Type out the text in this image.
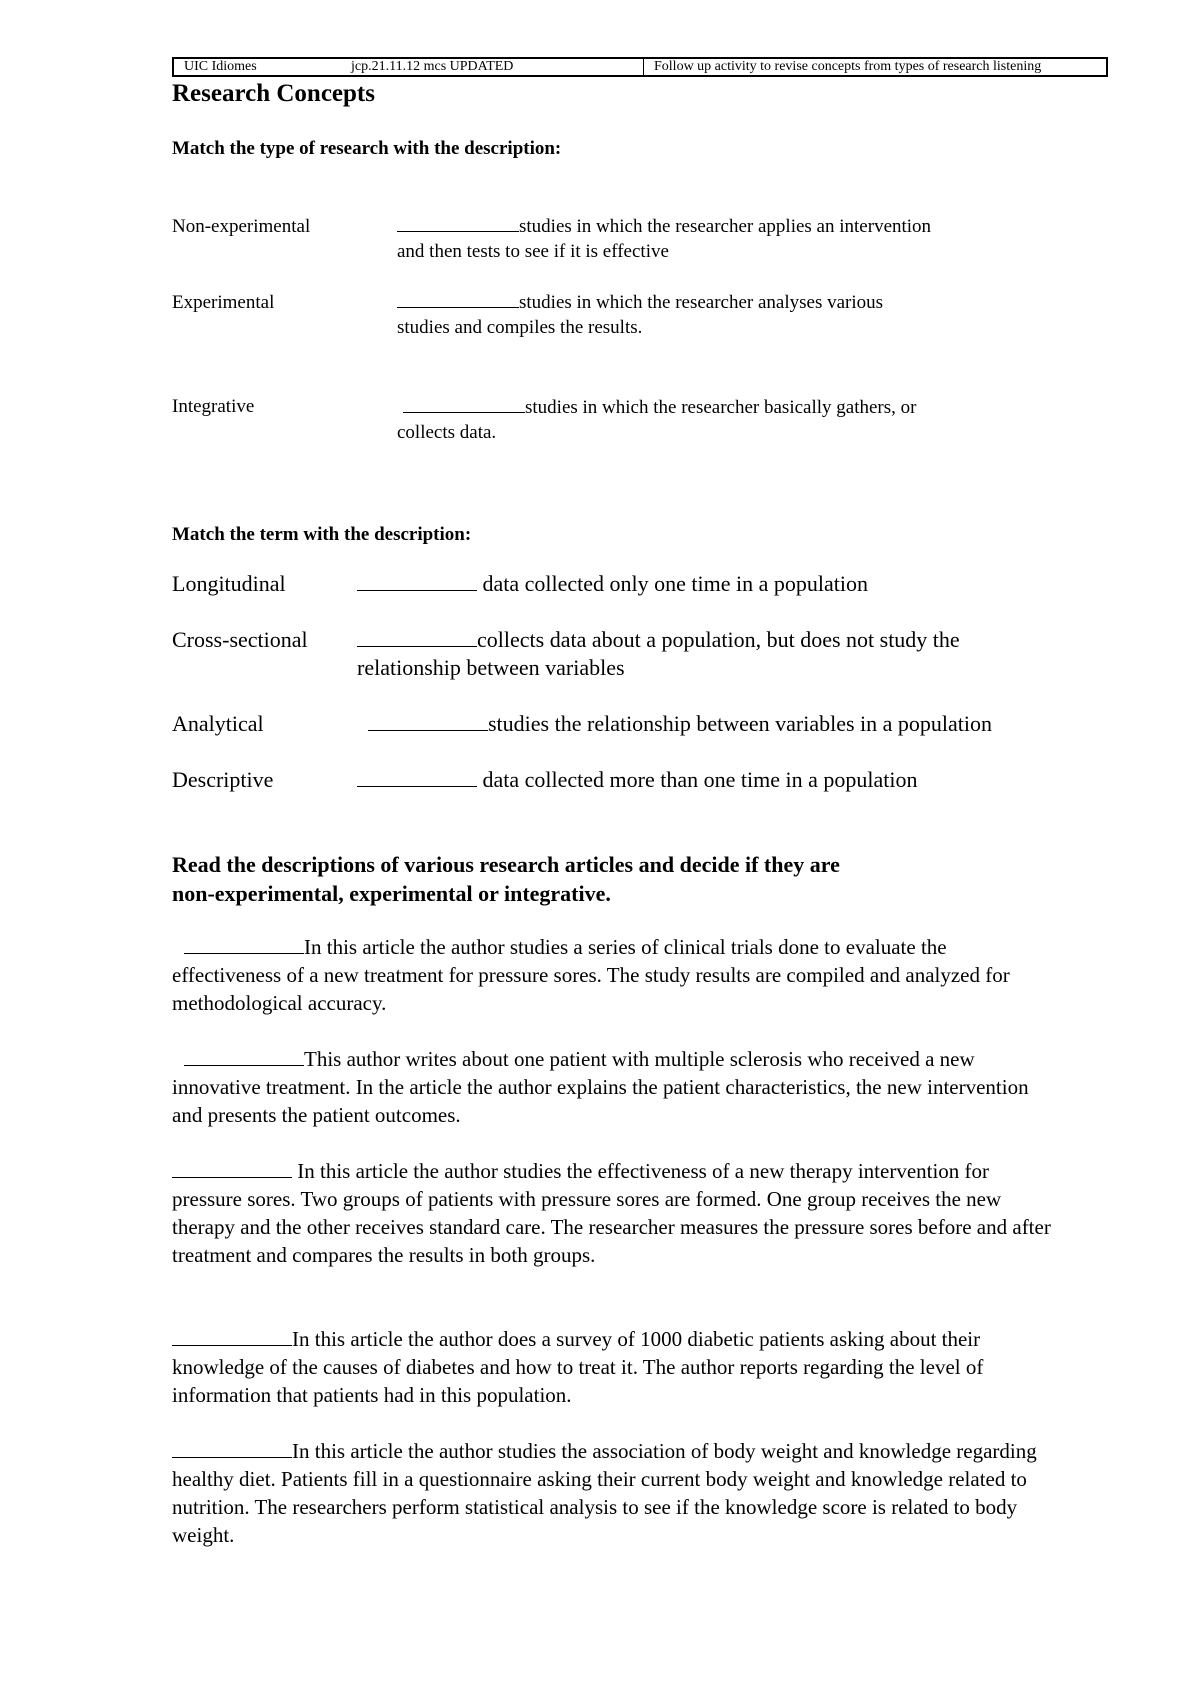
UIC Idiomes	jcp.21.11.12 mcs UPDATED	Follow up activity to revise concepts from types of research listening
Research Concepts
Match the type of research with the description:
Non-experimental	studies in which the researcher applies an intervention
and then tests to see if it is effective
Experimental	studies in which the researcher analyses various
studies and compiles the results.
Integrative	studies in which the researcher basically gathers, or
collects data.
Match the term with the description:
Longitudinal	data collected only one time in a population
Cross-sectional	collects data about a population, but does not study the
relationship between variables
Analytical	studies the relationship between variables in a population
Descriptive	data collected more than one time in a population
Read the descriptions of various research articles and decide if they are
non-experimental, experimental or integrative.
In this article the author studies a series of clinical trials done to evaluate the effectiveness of a new treatment for pressure sores. The study results are compiled and analyzed for methodological accuracy.
This author writes about one patient with multiple sclerosis who received a new innovative treatment. In the article the author explains the patient characteristics, the new intervention and presents the patient outcomes.
In this article the author studies the effectiveness of a new therapy intervention for pressure sores. Two groups of patients with pressure sores are formed. One group receives the new therapy and the other receives standard care. The researcher measures the pressure sores before and after treatment and compares the results in both groups.
In this article the author does a survey of 1000 diabetic patients asking about their knowledge of the causes of diabetes and how to treat it. The author reports regarding the level of information that patients had in this population.
In this article the author studies the association of body weight and knowledge regarding healthy diet. Patients fill in a questionnaire asking their current body weight and knowledge related to nutrition. The researchers perform statistical analysis to see if the knowledge score is related to body weight.
